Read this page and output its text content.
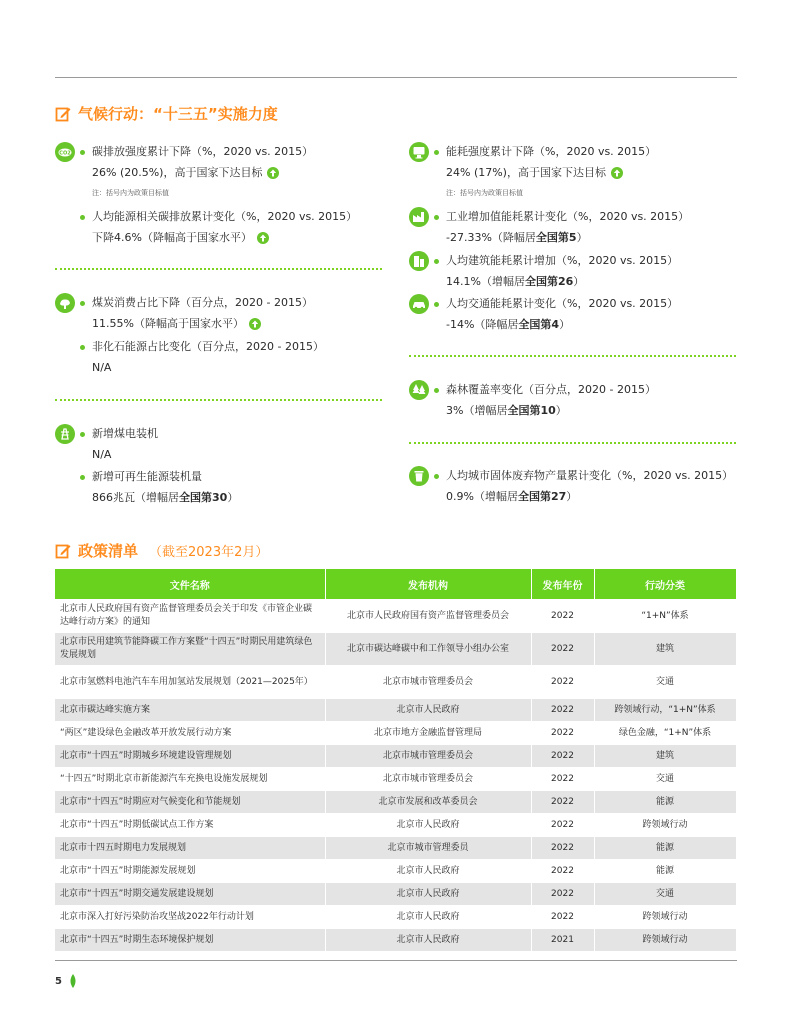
气候行动：“十三五”实施力度
CO2 碳排放强度累计下降（%，2020 vs. 2015）
26% (20.5%)，高于国家下达目标
注：括号内为政策目标值
人均能源相关碳排放累计变化（%，2020 vs. 2015）
下降4.6%（降幅高于国家水平）
煤炭消费占比下降（百分点，2020 - 2015）
11.55%（降幅高于国家水平）
非化石能源占比变化（百分点，2020 - 2015）
N/A
新增煤电装机
N/A
新增可再生能源装机量
866兆瓦（增幅居 全国第30 ）
能耗强度累计下降（%，2020 vs. 2015）
24% (17%)，高于国家下达目标
注：括号内为政策目标值
工业增加值能耗累计变化（%，2020 vs. 2015）
-27.33%（降幅居 全国第5 ）
人均建筑能耗累计增加（%，2020 vs. 2015）
14.1%（增幅居 全国第26 ）
人均交通能耗累计变化（%，2020 vs. 2015）
-14%（降幅居 全国第4 ）
森林覆盖率变化（百分点，2020 - 2015）
3%（增幅居 全国第10 ）
人均城市固体废弃物产量累计变化（%，2020 vs. 2015）
0.9%（增幅居 全国第27 ）
政策清单 （截至2023年2月）
文件名称	发布机构	发布年份	行动分类
北京市人民政府国有资产监督管理委员会关于印发《市管企业碳达峰行动方案》的通知	北京市人民政府国有资产监督管理委员会	2022	“1+N”体系
北京市民用建筑节能降碳工作方案暨“十四五”时期民用建筑绿色发展规划	北京市碳达峰碳中和工作领导小组办公室	2022	建筑
北京市氢燃料电池汽车车用加氢站发展规划（2021—2025年）	北京市城市管理委员会	2022	交通
北京市碳达峰实施方案	北京市人民政府	2022	跨领域行动，“1+N”体系
“两区”建设绿色金融改革开放发展行动方案	北京市地方金融监督管理局	2022	绿色金融，“1+N”体系
北京市“十四五”时期城乡环境建设管理规划	北京市城市管理委员会	2022	建筑
“十四五”时期北京市新能源汽车充换电设施发展规划	北京市城市管理委员会	2022	交通
北京市“十四五”时期应对气候变化和节能规划	北京市发展和改革委员会	2022	能源
北京市“十四五”时期低碳试点工作方案	北京市人民政府	2022	跨领域行动
北京市十四五时期电力发展规划	北京市城市管理委员	2022	能源
北京市“十四五”时期能源发展规划	北京市人民政府	2022	能源
北京市“十四五”时期交通发展建设规划	北京市人民政府	2022	交通
北京市深入打好污染防治攻坚战2022年行动计划	北京市人民政府	2022	跨领域行动
北京市“十四五”时期生态环境保护规划	北京市人民政府	2021	跨领域行动
5
